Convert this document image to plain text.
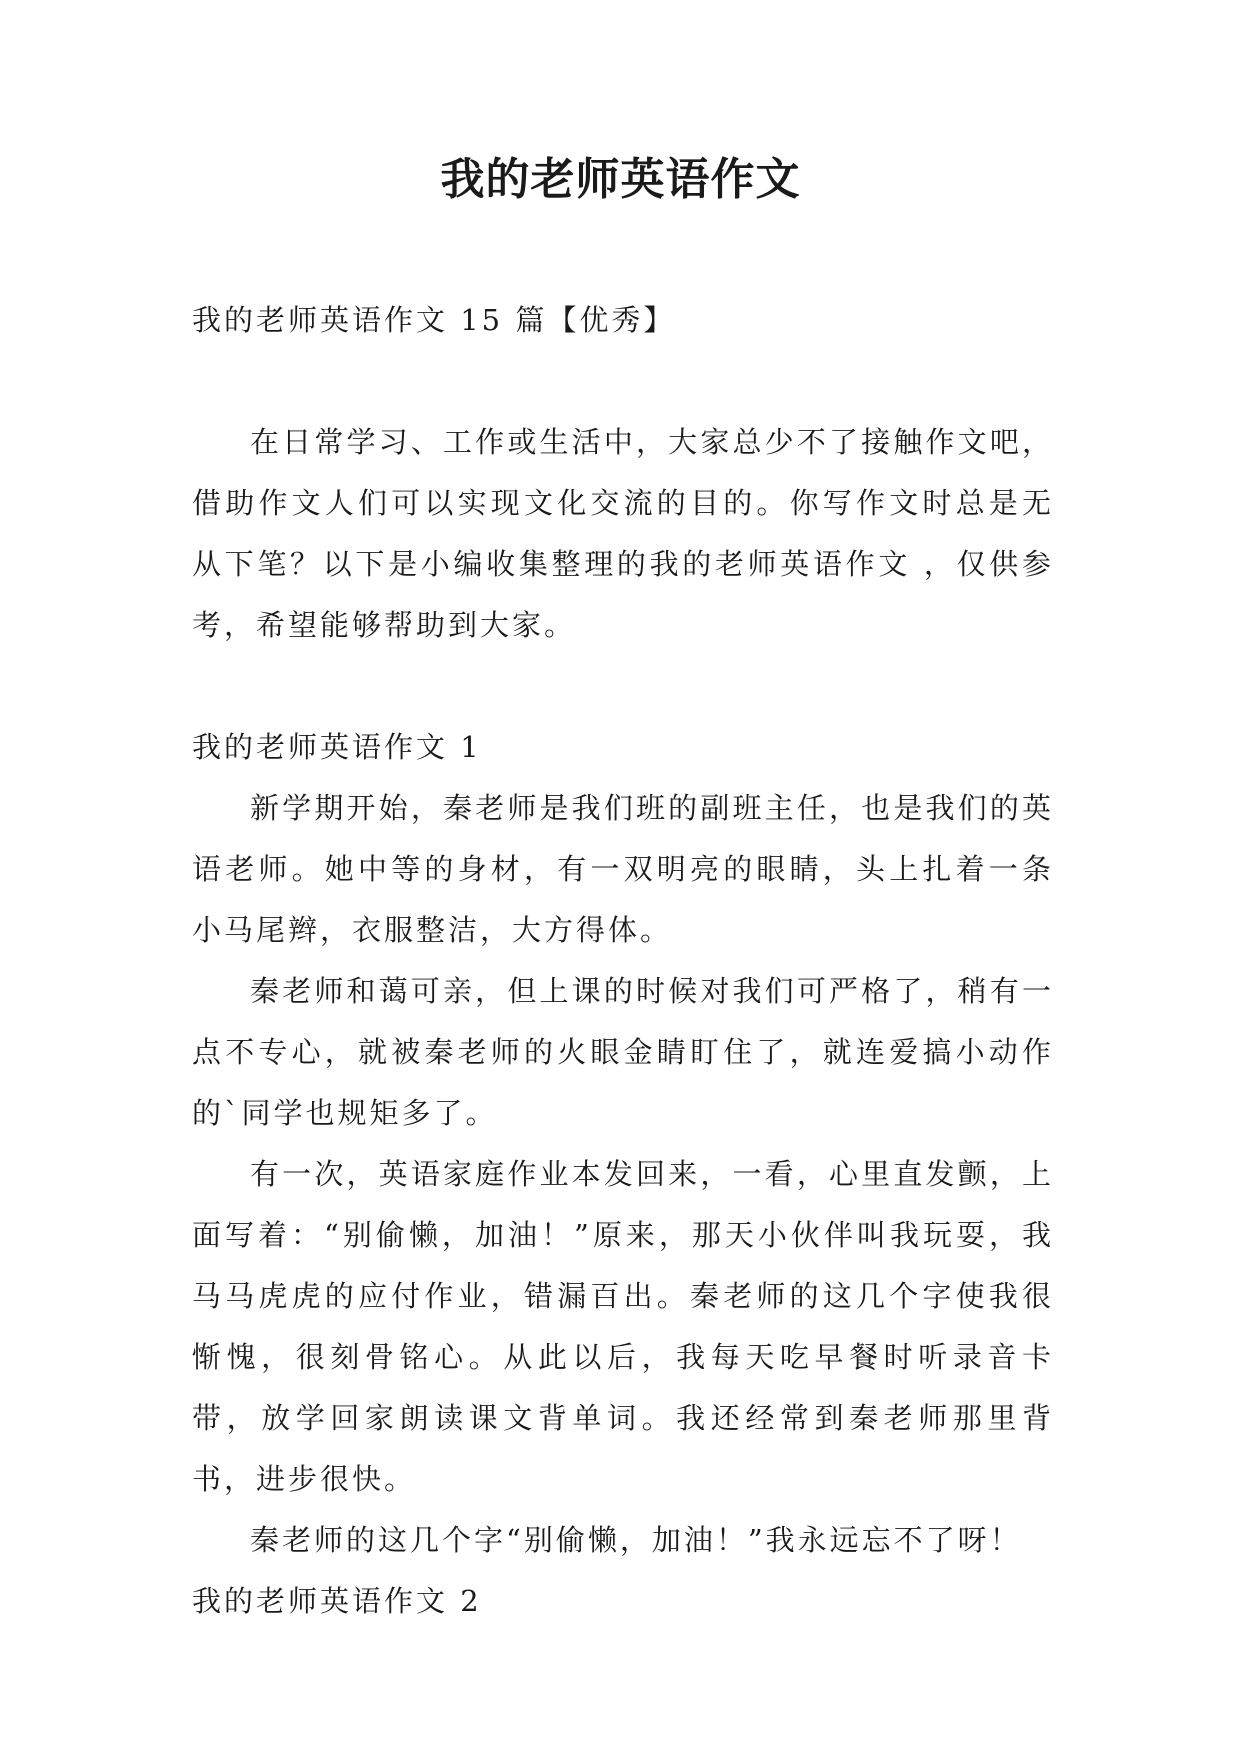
我的老师英语作文

我的老师英语作文 15 篇【优秀】

在日常学习、工作或生活中，大家总少不了接触作文吧，借助作文人们可以实现文化交流的目的。你写作文时总是无从下笔？以下是小编收集整理的我的老师英语作文 ，仅供参考，希望能够帮助到大家。

我的老师英语作文 1

新学期开始，秦老师是我们班的副班主任，也是我们的英语老师。她中等的身材，有一双明亮的眼睛，头上扎着一条小马尾辫，衣服整洁，大方得体。

秦老师和蔼可亲，但上课的时候对我们可严格了，稍有一点不专心，就被秦老师的火眼金睛盯住了，就连爱搞小动作的`同学也规矩多了。

有一次，英语家庭作业本发回来，一看，心里直发颤，上面写着：“别偷懒，加油！”原来，那天小伙伴叫我玩耍，我马马虎虎的应付作业，错漏百出。秦老师的这几个字使我很惭愧，很刻骨铭心。从此以后，我每天吃早餐时听录音卡带，放学回家朗读课文背单词。我还经常到秦老师那里背书，进步很快。

秦老师的这几个字“别偷懒，加油！”我永远忘不了呀！

我的老师英语作文 2
